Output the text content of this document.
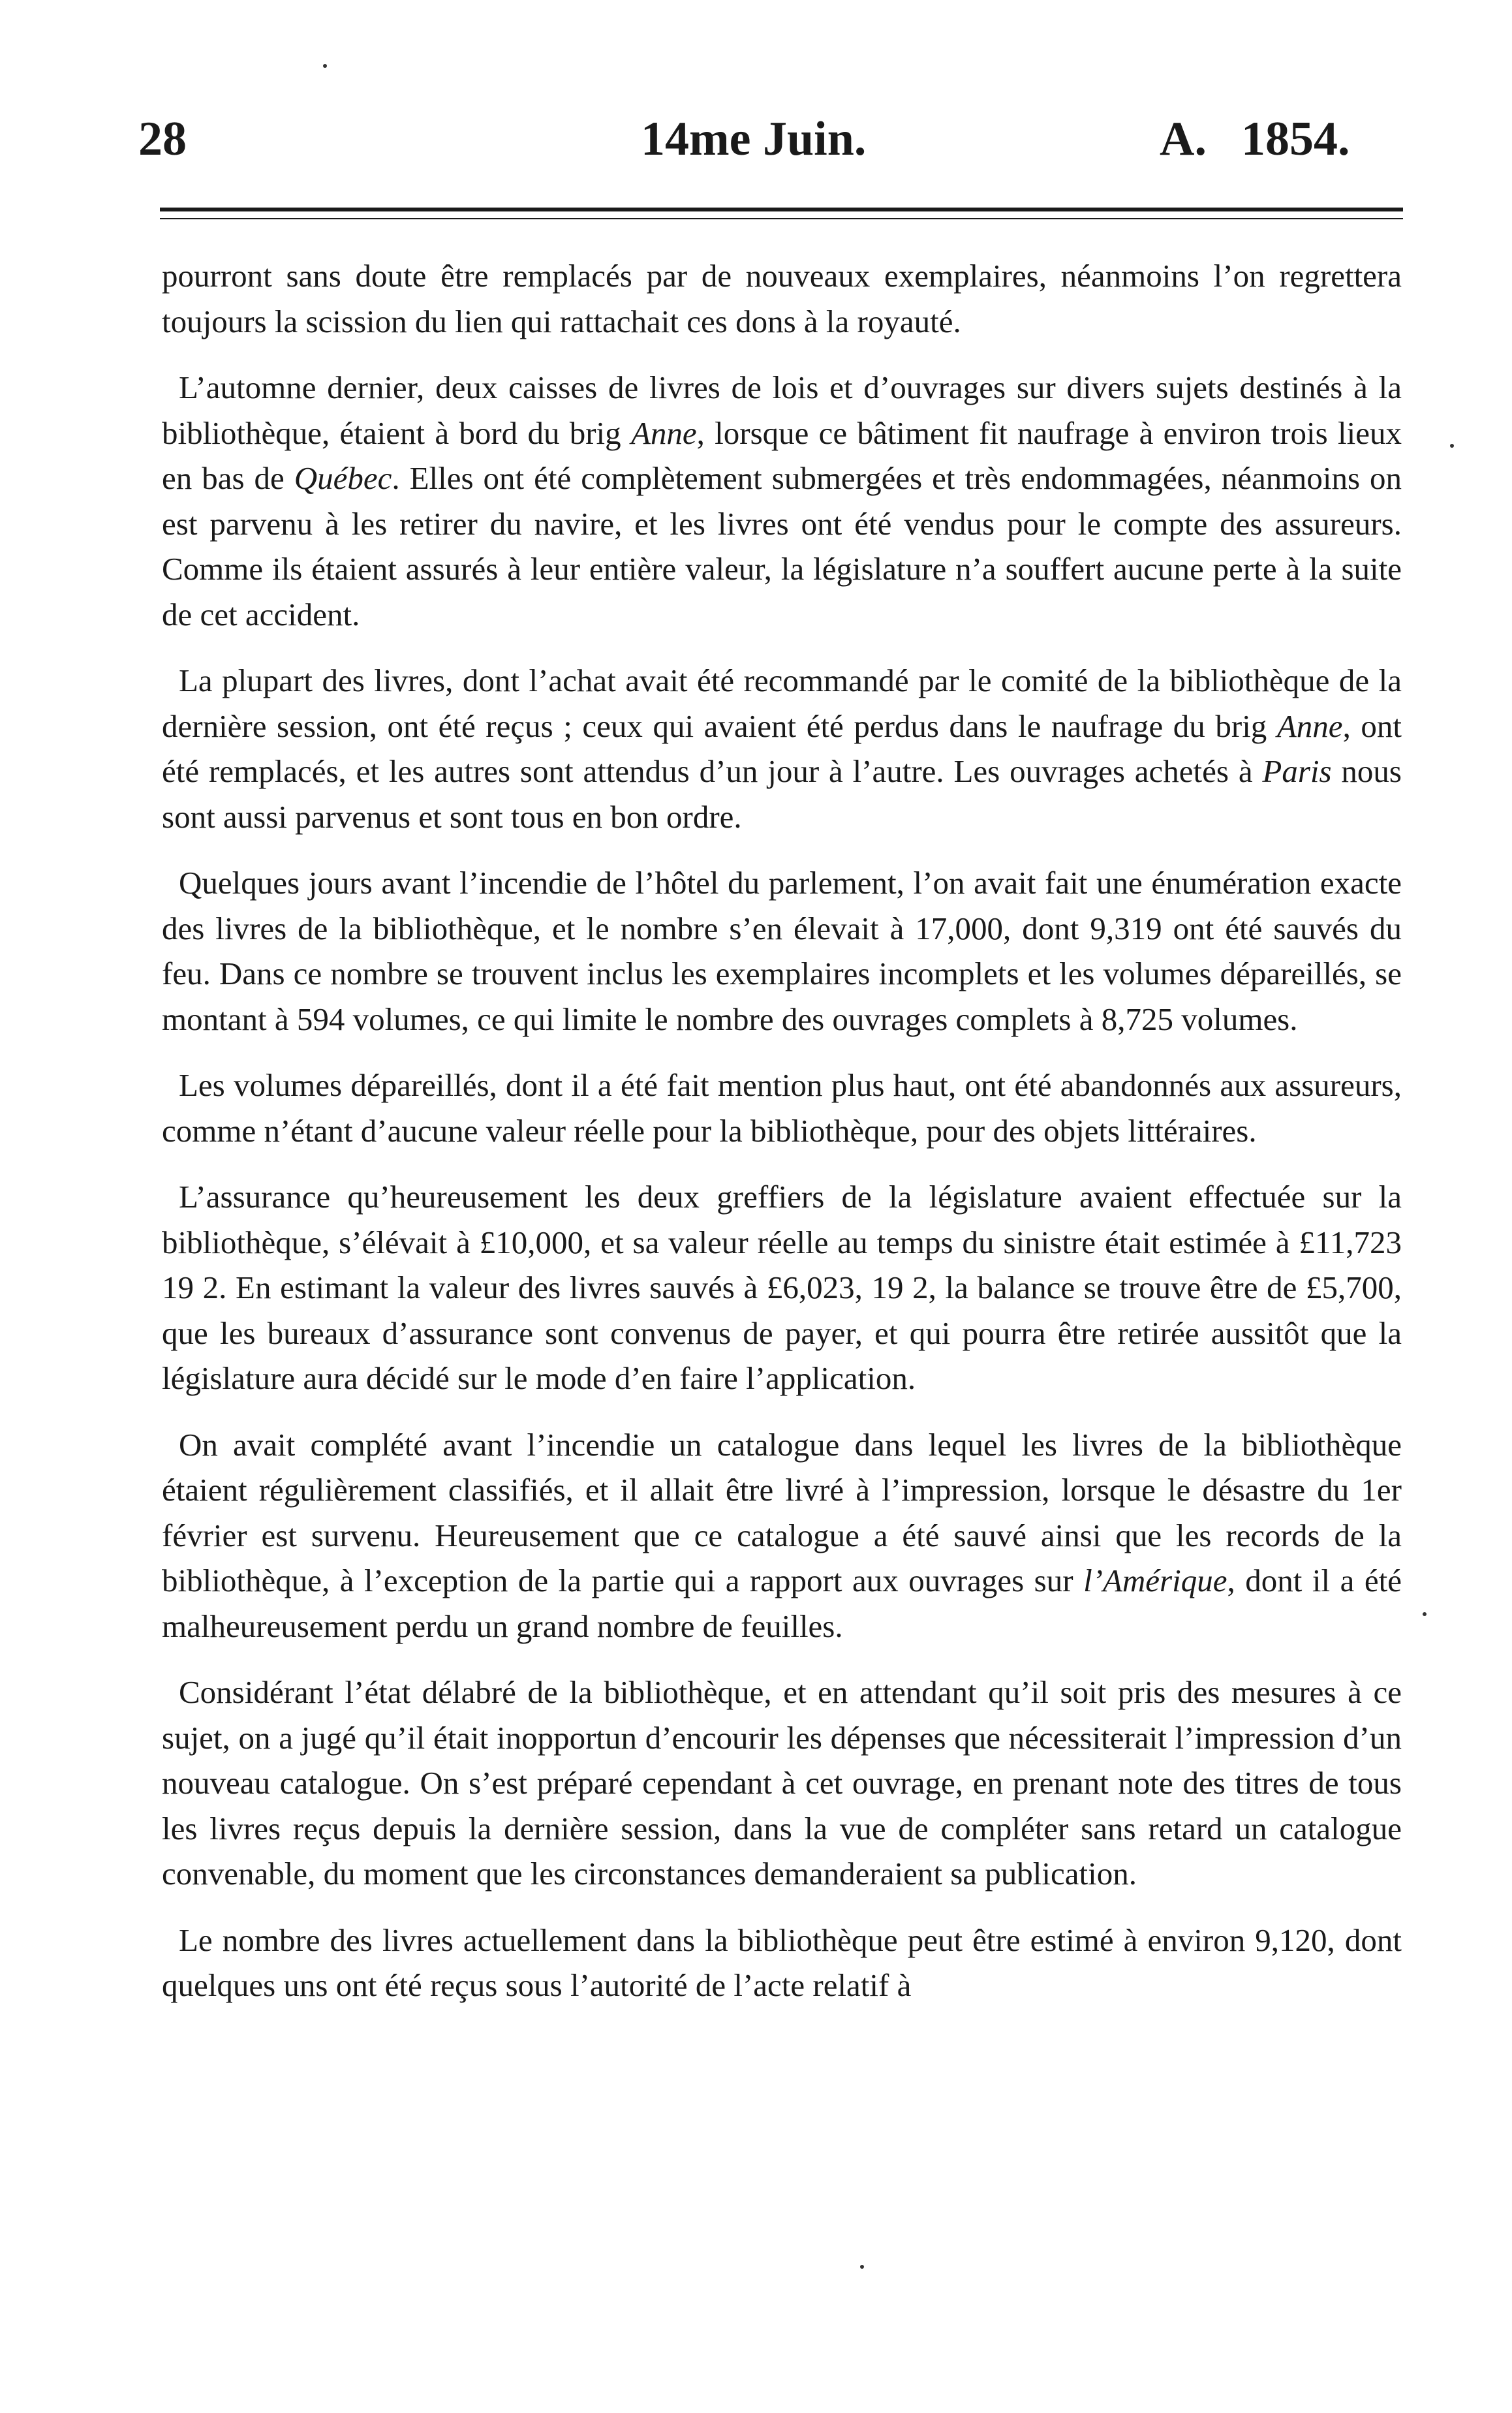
28	14me Juin.	A. 1854.

pourront sans doute être remplacés par de nouveaux exemplaires, néanmoins l’on regrettera toujours la scission du lien qui rattachait ces dons à la royauté.

L’automne dernier, deux caisses de livres de lois et d’ouvrages sur divers sujets destinés à la bibliothèque, étaient à bord du brig Anne, lorsque ce bâtiment fit naufrage à environ trois lieux en bas de Québec. Elles ont été complètement submergées et très endommagées, néanmoins on est parvenu à les retirer du navire, et les livres ont été vendus pour le compte des assureurs. Comme ils étaient assurés à leur entière valeur, la législature n’a souffert aucune perte à la suite de cet accident.

La plupart des livres, dont l’achat avait été recommandé par le comité de la bibliothèque de la dernière session, ont été reçus ; ceux qui avaient été perdus dans le naufrage du brig Anne, ont été remplacés, et les autres sont attendus d’un jour à l’autre. Les ouvrages achetés à Paris nous sont aussi parvenus et sont tous en bon ordre.

Quelques jours avant l’incendie de l’hôtel du parlement, l’on avait fait une énumération exacte des livres de la bibliothèque, et le nombre s’en élevait à 17,000, dont 9,319 ont été sauvés du feu. Dans ce nombre se trouvent inclus les exemplaires incomplets et les volumes dépareillés, se montant à 594 volumes, ce qui limite le nombre des ouvrages complets à 8,725 volumes.

Les volumes dépareillés, dont il a été fait mention plus haut, ont été abandonnés aux assureurs, comme n’étant d’aucune valeur réelle pour la bibliothèque, pour des objets littéraires.

L’assurance qu’heureusement les deux greffiers de la législature avaient effectuée sur la bibliothèque, s’élévait à £10,000, et sa valeur réelle au temps du sinistre était estimée à £11,723 19 2. En estimant la valeur des livres sauvés à £6,023, 19 2, la balance se trouve être de £5,700, que les bureaux d’assurance sont convenus de payer, et qui pourra être retirée aussitôt que la législature aura décidé sur le mode d’en faire l’application.

On avait complété avant l’incendie un catalogue dans lequel les livres de la bibliothèque étaient régulièrement classifiés, et il allait être livré à l’impression, lorsque le désastre du 1er février est survenu. Heureusement que ce catalogue a été sauvé ainsi que les records de la bibliothèque, à l’exception de la partie qui a rapport aux ouvrages sur l’Amérique, dont il a été malheureusement perdu un grand nombre de feuilles.

Considérant l’état délabré de la bibliothèque, et en attendant qu’il soit pris des mesures à ce sujet, on a jugé qu’il était inopportun d’encourir les dépenses que nécessiterait l’impression d’un nouveau catalogue. On s’est préparé cependant à cet ouvrage, en prenant note des titres de tous les livres reçus depuis la dernière session, dans la vue de compléter sans retard un catalogue convenable, du moment que les circonstances demanderaient sa publication.

Le nombre des livres actuellement dans la bibliothèque peut être estimé à environ 9,120, dont quelques uns ont été reçus sous l’autorité de l’acte relatif à
